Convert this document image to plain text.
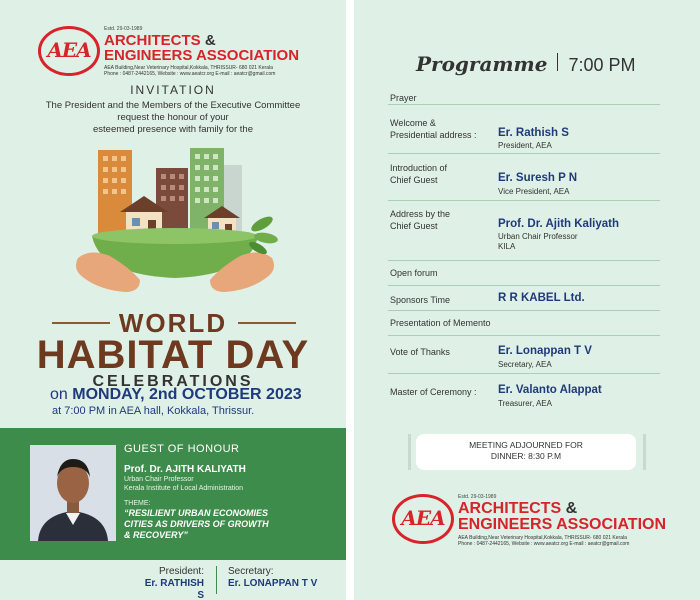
AEA
Estd. 29-03-1989
ARCHITECTS &
ENGINEERS ASSOCIATION
AEA Building,Near Veterinary Hospital,Kokkala, THRISSUR- 680 021 Kerala
Phone : 0487-2442165, Website : www.aeatcr.org E-mail : aeatcr@gmail.com
INVITATION
The President and the Members of the Executive Committee
request the honour of your
esteemed presence with family for the
WORLD
HABITAT DAY
CELEBRATIONS
on MONDAY, 2nd OCTOBER 2023
at 7:00 PM in AEA hall, Kokkala, Thrissur.
GUEST OF HONOUR
Prof. Dr. AJITH KALIYATH
Urban Chair Professor
Kerala Institute of Local Administration
THEME:
“RESILIENT URBAN ECONOMIES
CITIES AS DRIVERS OF GROWTH
& RECOVERY”
President:
Er. RATHISH S
Secretary:
Er. LONAPPAN T V
Programme 7:00 PM
Prayer
Welcome &
Presidential address : Er. Rathish S
President, AEA
Introduction of
Chief Guest	Er. Suresh P N
Vice President, AEA
Address by the
Chief Guest	Prof. Dr. Ajith Kaliyath
Urban Chair Professor
KILA
Open forum
Sponsors Time	R R KABEL Ltd.
Presentation of Memento
Vote of Thanks	Er. Lonappan T V
Secretary, AEA
Master of Ceremony : Er. Valanto Alappat
Treasurer, AEA
MEETING ADJOURNED FOR
DINNER: 8:30 P.M
AEA
Estd. 29-03-1989
ARCHITECTS &
ENGINEERS ASSOCIATION
AEA Building,Near Veterinary Hospital,Kokkala, THRISSUR- 680 021 Kerala
Phone : 0487-2442165, Website : www.aeatcr.org E-mail : aeatcr@gmail.com
